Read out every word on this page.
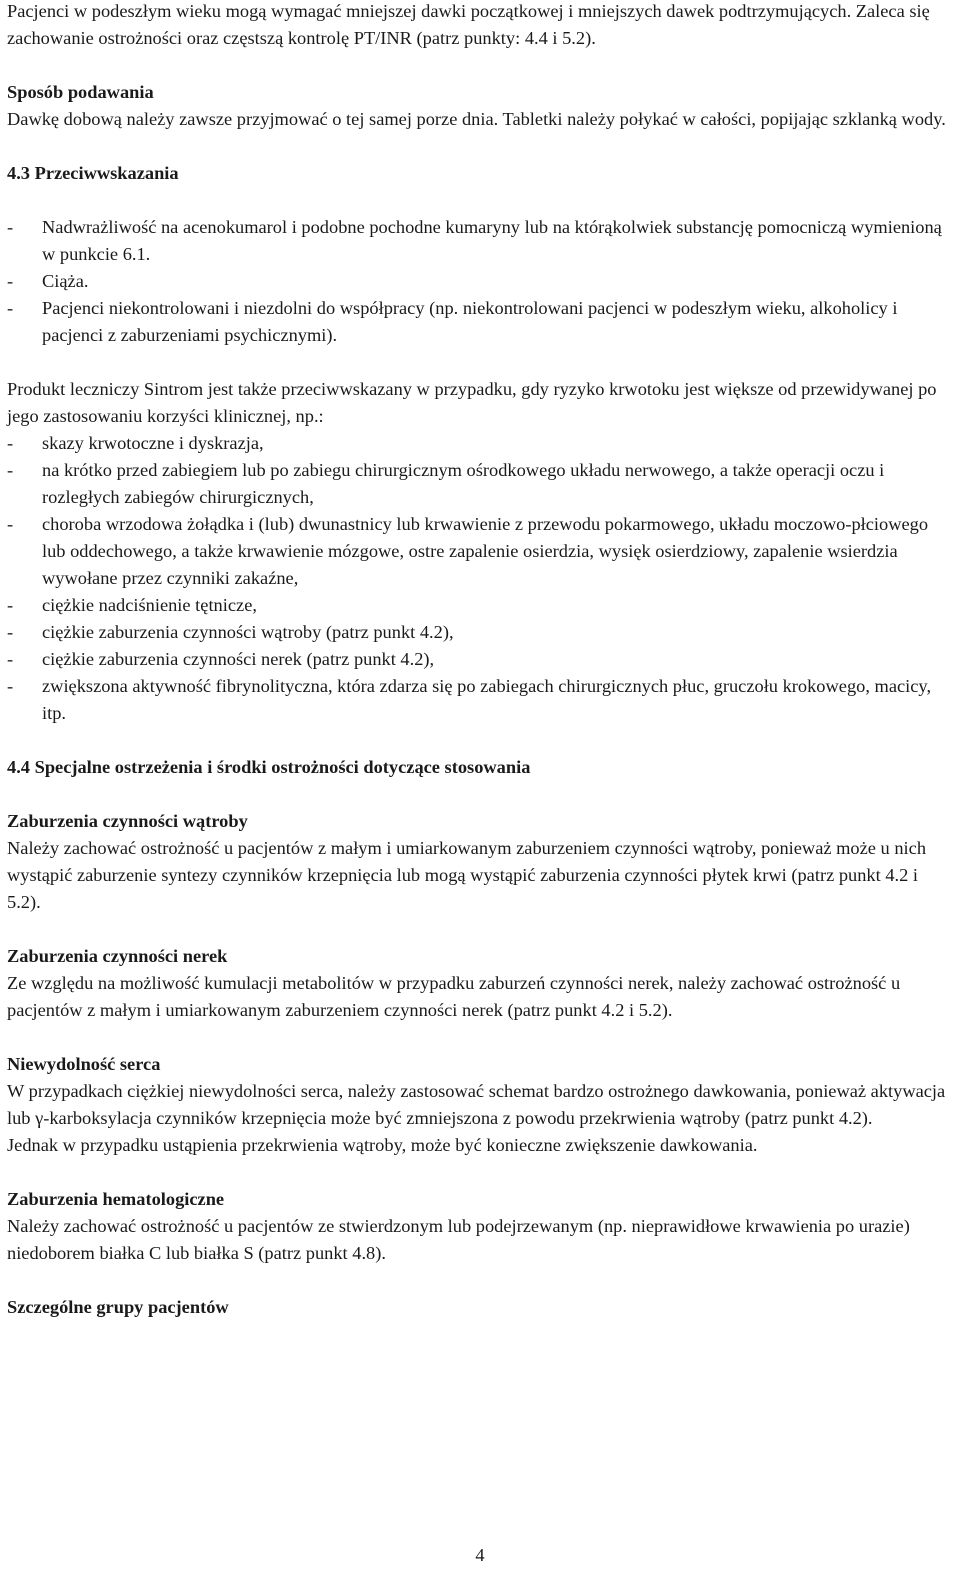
Pacjenci w podeszłym wieku mogą wymagać mniejszej dawki początkowej i mniejszych dawek podtrzymujących. Zaleca się zachowanie ostrożności oraz częstszą kontrolę PT/INR (patrz punkty: 4.4 i 5.2).

Sposób podawania

Dawkę dobową należy zawsze przyjmować o tej samej porze dnia. Tabletki należy połykać w całości, popijając szklanką wody.

4.3 Przeciwwskazania

- Nadwrażliwość na acenokumarol i podobne pochodne kumaryny lub na którąkolwiek substancję pomocniczą wymienioną w punkcie 6.1.
- Ciąża.
- Pacjenci niekontrolowani i niezdolni do współpracy (np. niekontrolowani pacjenci w podeszłym wieku, alkoholicy i pacjenci z zaburzeniami psychicznymi).

Produkt leczniczy Sintrom jest także przeciwwskazany w przypadku, gdy ryzyko krwotoku jest większe od przewidywanej po jego zastosowaniu korzyści klinicznej, np.:

- skazy krwotoczne i dyskrazja,
- na krótko przed zabiegiem lub po zabiegu chirurgicznym ośrodkowego układu nerwowego, a także operacji oczu i rozległych zabiegów chirurgicznych,
- choroba wrzodowa żołądka i (lub) dwunastnicy lub krwawienie z przewodu pokarmowego, układu moczowo-płciowego lub oddechowego, a także krwawienie mózgowe, ostre zapalenie osierdzia, wysięk osierdziowy, zapalenie wsierdzia wywołane przez czynniki zakaźne,
- ciężkie nadciśnienie tętnicze,
- ciężkie zaburzenia czynności wątroby (patrz punkt 4.2),
- ciężkie zaburzenia czynności nerek (patrz punkt 4.2),
- zwiększona aktywność fibrynolityczna, która zdarza się po zabiegach chirurgicznych płuc, gruczołu krokowego, macicy, itp.

4.4 Specjalne ostrzeżenia i środki ostrożności dotyczące stosowania

Zaburzenia czynności wątroby

Należy zachować ostrożność u pacjentów z małym i umiarkowanym zaburzeniem czynności wątroby, ponieważ może u nich wystąpić zaburzenie syntezy czynników krzepnięcia lub mogą wystąpić zaburzenia czynności płytek krwi (patrz punkt 4.2 i 5.2).

Zaburzenia czynności nerek

Ze względu na możliwość kumulacji metabolitów w przypadku zaburzeń czynności nerek, należy zachować ostrożność u pacjentów z małym i umiarkowanym zaburzeniem czynności nerek (patrz punkt 4.2 i 5.2).

Niewydolność serca

W przypadkach ciężkiej niewydolności serca, należy zastosować schemat bardzo ostrożnego dawkowania, ponieważ aktywacja lub γ-karboksylacja czynników krzepnięcia może być zmniejszona z powodu przekrwienia wątroby (patrz punkt 4.2).

Jednak w przypadku ustąpienia przekrwienia wątroby, może być konieczne zwiększenie dawkowania.

Zaburzenia hematologiczne

Należy zachować ostrożność u pacjentów ze stwierdzonym lub podejrzewanym (np. nieprawidłowe krwawienia po urazie) niedoborem białka C lub białka S (patrz punkt 4.8).

Szczególne grupy pacjentów

4
